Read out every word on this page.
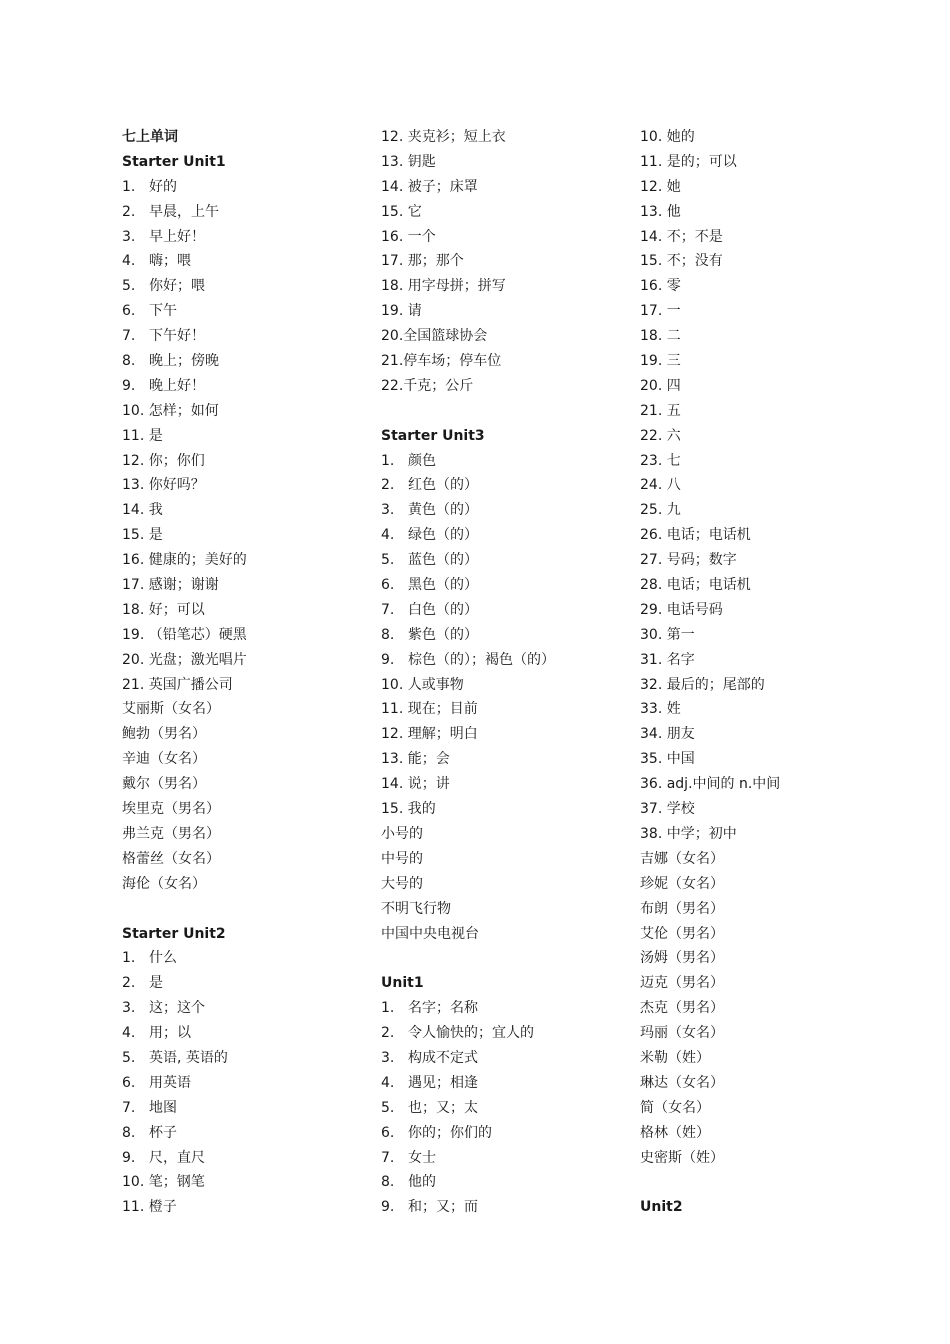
七上单词
Starter Unit1
1. 好的
2. 早晨，上午
3. 早上好！
4. 嗨；喂
5. 你好；喂
6. 下午
7. 下午好！
8. 晚上；傍晚
9. 晚上好！
10. 怎样；如何
11. 是
12. 你；你们
13. 你好吗？
14. 我
15. 是
16. 健康的；美好的
17. 感谢；谢谢
18. 好；可以
19. （铅笔芯）硬黑
20. 光盘；激光唱片
21. 英国广播公司
艾丽斯（女名）
鲍勃（男名）
辛迪（女名）
戴尔（男名）
埃里克（男名）
弗兰克（男名）
格蕾丝（女名）
海伦（女名）
Starter Unit2
1. 什么
2. 是
3. 这；这个
4. 用；以
5. 英语, 英语的
6. 用英语
7. 地图
8. 杯子
9. 尺，直尺
10. 笔；钢笔
11. 橙子
12. 夹克衫；短上衣
13. 钥匙
14. 被子；床罩
15. 它
16. 一个
17. 那；那个
18. 用字母拼；拼写
19. 请
20.全国篮球协会
21.停车场；停车位
22.千克；公斤
Starter Unit3
1. 颜色
2. 红色（的）
3. 黄色（的）
4. 绿色（的）
5. 蓝色（的）
6. 黑色（的）
7. 白色（的）
8. 紫色（的）
9. 棕色（的）；褐色（的）
10. 人或事物
11. 现在；目前
12. 理解；明白
13. 能；会
14. 说；讲
15. 我的
小号的
中号的
大号的
不明飞行物
中国中央电视台
Unit1
1. 名字；名称
2. 令人愉快的；宜人的
3. 构成不定式
4. 遇见；相逢
5. 也；又；太
6. 你的；你们的
7. 女士
8. 他的
9. 和；又；而
10. 她的
11. 是的；可以
12. 她
13. 他
14. 不；不是
15. 不；没有
16. 零
17. 一
18. 二
19. 三
20. 四
21. 五
22. 六
23. 七
24. 八
25. 九
26. 电话；电话机
27. 号码；数字
28. 电话；电话机
29. 电话号码
30. 第一
31. 名字
32. 最后的；尾部的
33. 姓
34. 朋友
35. 中国
36. adj.中间的 n.中间
37. 学校
38. 中学；初中
吉娜（女名）
珍妮（女名）
布朗（男名）
艾伦（男名）
汤姆（男名）
迈克（男名）
杰克（男名）
玛丽（女名）
米勒（姓）
琳达（女名）
简（女名）
格林（姓）
史密斯（姓）
Unit2
